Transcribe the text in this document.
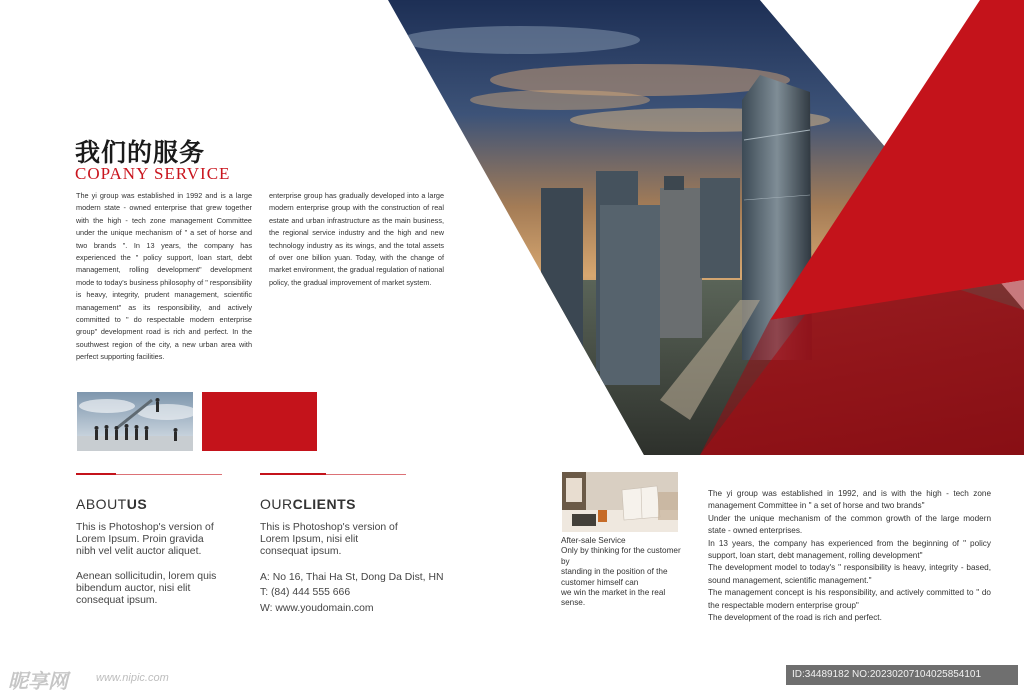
我们的服务
COPANY SERVICE
The yi group was established in 1992 and is a large modern state - owned enterprise that grew together with the high - tech zone management Committee under the unique mechanism of " a set of horse and two brands ". In 13 years, the company has experienced the " policy support, loan start, debt management, rolling development" development mode to today's business philosophy of " responsibility is heavy, integrity, prudent management, scientific management" as its responsibility, and actively committed to " do respectable modern enterprise group" development road is rich and perfect. In the southwest region of the city, a new urban area with perfect supporting facilities.
enterprise group has gradually developed into a large modern enterprise group with the construction of real estate and urban infrastructure as the main business, the regional service industry and the high and new technology industry as its wings, and the total assets of over one billion yuan. Today, with the change of market environment, the gradual regulation of national policy, the gradual improvement of market system.
ABOUTUS
This is Photoshop's version of Lorem Ipsum. Proin gravida nibh vel velit auctor aliquet.
Aenean sollicitudin, lorem quis bibendum auctor, nisi elit consequat ipsum.
OURCLIENTS
This is Photoshop's version of Lorem Ipsum, nisi elit consequat ipsum.
A: No 16, Thai Ha St, Dong Da Dist, HN
T: (84) 444 555 666
W: www.youdomain.com
After-sale Service
Only by thinking for the customer by
standing in the position of the customer himself can
we win the market in the real sense.
The yi group was established in 1992, and is with the high - tech zone management Committee in " a set of horse and two brands"
Under the unique mechanism of the common growth of the large modern state - owned enterprises.
In 13 years, the company has experienced from the beginning of " policy support, loan start, debt management, rolling development"
The development model to today's " responsibility is heavy, integrity - based, sound management, scientific management."
The management concept is his responsibility, and actively committed to " do the respectable modern enterprise group"
The development of the road is rich and perfect.
昵享网	www.nipic.com	ID:34489182 NO:20230207104025854101
